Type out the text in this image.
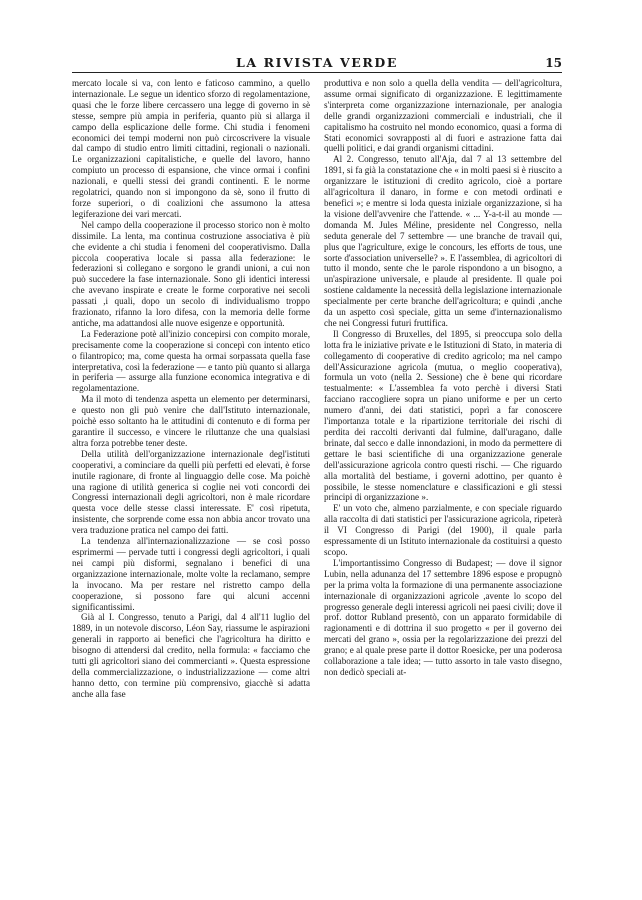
LA RIVISTA VERDE	15

mercato locale si va, con lento e faticoso cammino, a quello internazionale. Le segue un identico sforzo di regolamentazione, quasi che le forze libere cercassero una legge di governo in sè stesse, sempre più ampia in periferia, quanto più si allarga il campo della esplicazione delle forme. Chi studia i fenomeni economici dei tempi moderni non può circoscrivere la visuale dal campo di studio entro limiti cittadini, regionali o nazionali. Le organizzazioni capitalistiche, e quelle del lavoro, hanno compiuto un processo di espansione, che vince ormai i confini nazionali, e quelli stessi dei grandi continenti. E le norme regolatrici, quando non si impongono da sè, sono il frutto di forze superiori, o di coalizioni che assumono la attesa legiferazione dei vari mercati.

Nel campo della cooperazione il processo storico non è molto dissimile. La lenta, ma continua costruzione associativa è più che evidente a chi studia i fenomeni del cooperativismo. Dalla piccola cooperativa locale si passa alla federazione: le federazioni si collegano e sorgono le grandi unioni, a cui non può succedere la fase internazionale. Sono gli identici interessi che avevano inspirate e create le forme corporative nei secoli passati ,i quali, dopo un secolo di individualismo troppo frazionato, rifanno la loro difesa, con la memoria delle forme antiche, ma adattandosi alle nuove esigenze e opportunità.

La Federazione potè all'inizio concepirsi con compito morale, precisamente come la cooperazione si concepì con intento etico o filantropico; ma, come questa ha ormai sorpassata quella fase interpretativa, così la federazione — e tanto più quanto si allarga in periferia — assurge alla funzione economica integrativa e di regolamentazione.

Ma il moto di tendenza aspetta un elemento per determinarsi, e questo non gli può venire che dall'Istituto internazionale, poichè esso soltanto ha le attitudini di contenuto e di forma per garantire il successo, e vincere le riluttanze che una qualsiasi altra forza potrebbe tener deste.

Della utilità dell'organizzazione internazionale degl'istituti cooperativi, a cominciare da quelli più perfetti ed elevati, è forse inutile ragionare, di fronte al linguaggio delle cose. Ma poichè una ragione di utilità generica si coglie nei voti concordi dei Congressi internazionali degli agricoltori, non è male ricordare questa voce delle stesse classi interessate. E' così ripetuta, insistente, che sorprende come essa non abbia ancor trovato una vera traduzione pratica nel campo dei fatti.

La tendenza all'internazionalizzazione — se così posso esprimermi — pervade tutti i congressi degli agricoltori, i quali nei campi più disformi, segnalano i benefici di una organizzazione internazionale, molte volte la reclamano, sempre la invocano. Ma per restare nel ristretto campo della cooperazione, si possono fare qui alcuni accenni significantissimi.

Già al I. Congresso, tenuto a Parigi, dal 4 all'11 luglio del 1889, in un notevole discorso, Léon Say, riassume le aspirazioni generali in rapporto ai benefici che l'agricoltura ha diritto e bisogno di attendersi dal credito, nella formula: « facciamo che tutti gli agricoltori siano dei commercianti ». Questa espressione della commercializzazione, o industrializzazione — come altri hanno detto, con termine più comprensivo, giacchè si adatta anche alla fase

produttiva e non solo a quella della vendita — dell'agricoltura, assume ormai significato di organizzazione. E legittimamente s'interpreta come organizzazione internazionale, per analogia delle grandi organizzazioni commerciali e industriali, che il capitalismo ha costruito nel mondo economico, quasi a forma di Stati economici sovrapposti al di fuori e astrazione fatta dai quelli politici, e dai grandi organismi cittadini.

Al 2. Congresso, tenuto all'Aja, dal 7 al 13 settembre del 1891, si fa già la constatazione che « in molti paesi si è riuscito a organizzare le istituzioni di credito agricolo, cioè a portare all'agricoltura il danaro, in forme e con metodi ordinati e benefici »; e mentre si loda questa iniziale organizzazione, si ha la visione dell'avvenire che l'attende. « ... Y-a-t-il au monde — domanda M. Jules Méline, presidente nel Congresso, nella seduta generale del 7 settembre — une branche de travail qui, plus que l'agriculture, exige le concours, les efforts de tous, une sorte d'association universelle? ». E l'assemblea, di agricoltori di tutto il mondo, sente che le parole rispondono a un bisogno, a un'aspirazione universale, e plaude al presidente. Il quale poi sostiene caldamente la necessità della legislazione internazionale specialmente per certe branche dell'agricoltura; e quindi ,anche da un aspetto così speciale, gitta un seme d'internazionalismo che nei Congressi futuri fruttifica.

Il Congresso di Bruxelles, del 1895, si preoccupa solo della lotta fra le iniziative private e le Istituzioni di Stato, in materia di collegamento di cooperative di credito agricolo; ma nel campo dell'Assicurazione agricola (mutua, o meglio cooperativa), formula un voto (nella 2. Sessione) che è bene qui ricordare testualmente: « L'assemblea fa voto perchè i diversi Stati facciano raccogliere sopra un piano uniforme e per un certo numero d'anni, dei dati statistici, poprì a far conoscere l'importanza totale e la ripartizione territoriale dei rischi di perdita dei raccolti derivanti dal fulmine, dall'uragano, dalle brinate, dal secco e dalle innondazioni, in modo da permettere di gettare le basi scientifiche di una organizzazione generale dell'assicurazione agricola contro questi rischi. — Che riguardo alla mortalità del bestiame, i governi adottino, per quanto è possibile, le stesse nomenclature e classificazioni e gli stessi principi di organizzazione ».

E' un voto che, almeno parzialmente, e con speciale riguardo alla raccolta di dati statistici per l'assicurazione agricola, ripeterà il VI Congresso di Parigi (del 1900), il quale parla espressamente di un Istituto internazionale da costituirsi a questo scopo.

L'importantissimo Congresso di Budapest; — dove il signor Lubin, nella adunanza del 17 settembre 1896 espose e propugnò per la prima volta la formazione di una permanente associazione internazionale di organizzazioni agricole ,avente lo scopo del progresso generale degli interessi agricoli nei paesi civili; dove il prof. dottor Rubland presentò, con un apparato formidabile di ragionamenti e di dottrina il suo progetto « per il governo dei mercati del grano », ossia per la regolarizzazione dei prezzi del grano; e al quale prese parte il dottor Roesicke, per una poderosa collaborazione a tale idea; — tutto assorto in tale vasto disegno, non dedicò speciali at-
